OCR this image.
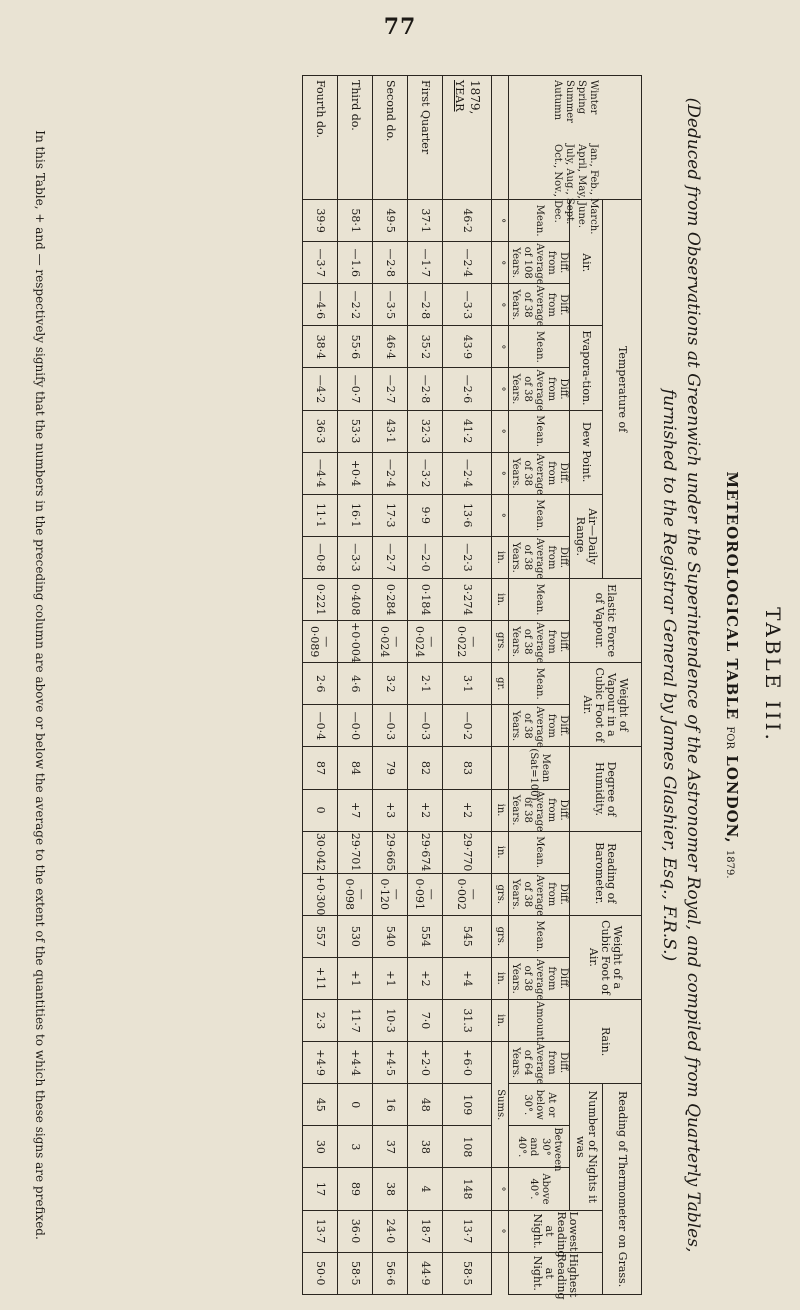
77
TABLE III.
METEOROLOGICAL TABLE FOR LONDON, 1879.
(Deduced from Observations at Greenwich under the Superintendence of the Astronomer Royal, and compiled from Quarterly Tables,
furnished to the Registrar General by James Glashier, Esq., F.R.S.)
WinterJan., Feb., March.
SpringApril, May, June.
SummerJuly, Aug., Sept.
AutumnOct., Nov., Dec.	Temperature of									Elastic Force of Vapour.		Weight of Vapour in a Cubic Foot of Air.		Degree of Humidity.		Reading of Barometer.		Weight of a Cubic Foot of Air.		Rain.		Reading of Thermometer on Grass.				
	Air.			Evapora-tion.		Dew Point.		Air—Daily Range.														Number of Nights it was			Lowest Reading at Night.	Highest Reading at Night.
	Mean.	Diff. from Average of 108 Years.	Diff. from Average of 38 Years.	Mean.	Diff. from Average of 38 Years.	Mean.	Diff. from Average of 38 Years.	Mean.	Diff. from Average of 38 Years.	Mean.	Diff. from Average of 38 Years.	Mean.	Diff. from Average of 38 Years.	Mean (Sat=100).	Diff. from Average of 38 Years.	Mean.	Diff. from Average of 38 Years.	Mean.	Diff. from Average of 38 Years.	Amount.	Diff. from Average of 64 Years.	At or below 30°.	Between 30° and 40°.	Above 40°.		
	°	°	°	°	°	°	°	°	in.	in.	grs.	gr.			in.	in.	grs.	grs.	in.	in.	Sums.			°	°	

1879,
YEAR	46·2	—2·4	—3·3	43·9	—2·6	41·2	—2·4	13·6	—2·3	3·274	—0·022	3·1	—0·2	83	+2	29·770	—0·002	545	+4	31.3	+6·0	109	108	148	13·7	58·5
First Quarter	37·1	—1·7	—2·8	35·2	—2·8	32·3	—3·2	9·9	—2·0	0·184	—0·024	2·1	—0·3	82	+2	29·674	—0·091	554	+2	7·0	+2·0	48	38	4	18·7	44·9
Second do.	49·5	—2·8	—3·5	46·4	—2·7	43·1	—2·4	17·3	—2·7	0·284	—0·024	3·2	—0·3	79	+3	29·665	—0·120	540	+1	10·3	+4·5	16	37	38	24·0	56·6
Third do.	58·1	—1.6	—2·2	55·6	—0·7	53·3	+0·4	16·1	—3·3	0·408	+0·004	4·6	—0·0	84	+7	29·701	—0·098	530	+1	11·7	+4·4	0	3	89	36·0	58·5
Fourth do.	39·9	—3·7	—4·6	38·4	—4·2	36·3	—4·4	11·1	—0·8	0·221	—0·089	2·6	—0·4	87	0	30·042	+0·300	557	+11	2·3	+4·9	45	30	17	13·7	50·0
In this Table, + and — respectively signify that the numbers in the preceding column are above or below the average to the extent of the quantities to which these signs are prefixed.
